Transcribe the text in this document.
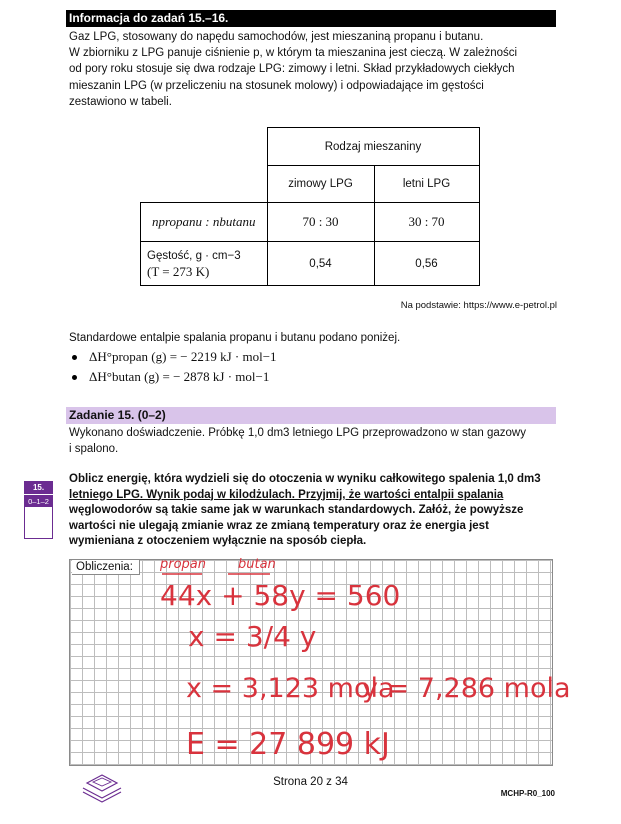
Informacja do zadań 15.–16.

Gaz LPG, stosowany do napędu samochodów, jest mieszaniną propanu i butanu.

W zbiorniku z LPG panuje ciśnienie p, w którym ta mieszanina jest cieczą. W zależności

od pory roku stosuje się dwa rodzaje LPG: zimowy i letni. Skład przykładowych ciekłych

mieszanin LPG (w przeliczeniu na stosunek molowy) i odpowiadające im gęstości

zestawiono w tabeli.

	Rodzaj mieszaniny	
	zimowy LPG	letni LPG
npropanu : nbutanu	70 : 30	30 : 70

Gęstość, g · cm−3
(T = 273 K)	0,54	0,56
Na podstawie: https://www.e-petrol.pl
Standardowe entalpie spalania propanu i butanu podano poniżej.
ΔH°propan (g) = − 2219 kJ · mol−1
ΔH°butan (g) = − 2878 kJ · mol−1
Zadanie 15. (0–2)

Wykonano doświadczenie. Próbkę 1,0 dm3 letniego LPG przeprowadzono w stan gazowy

i spalono.

15.
0–1–2

Oblicz energię, która wydzieli się do otoczenia w wyniku całkowitego spalenia 1,0 dm3

letniego LPG. Wynik podaj w kilodżulach. Przyjmij, że wartości entalpii spalania

węglowodorów są takie same jak w warunkach standardowych. Załóż, że powyższe

wartości nie ulegają zmianie wraz ze zmianą temperatury oraz że energia jest

wymieniana z otoczeniem wyłącznie na sposób ciepła.

Obliczenia:	propan butan
44x + 58y = 560
x = 3/4 y
x = 3,123 mola
y = 7,286 mola
E = 27 899 kJ
Strona 20 z 34
MCHP-R0_100
